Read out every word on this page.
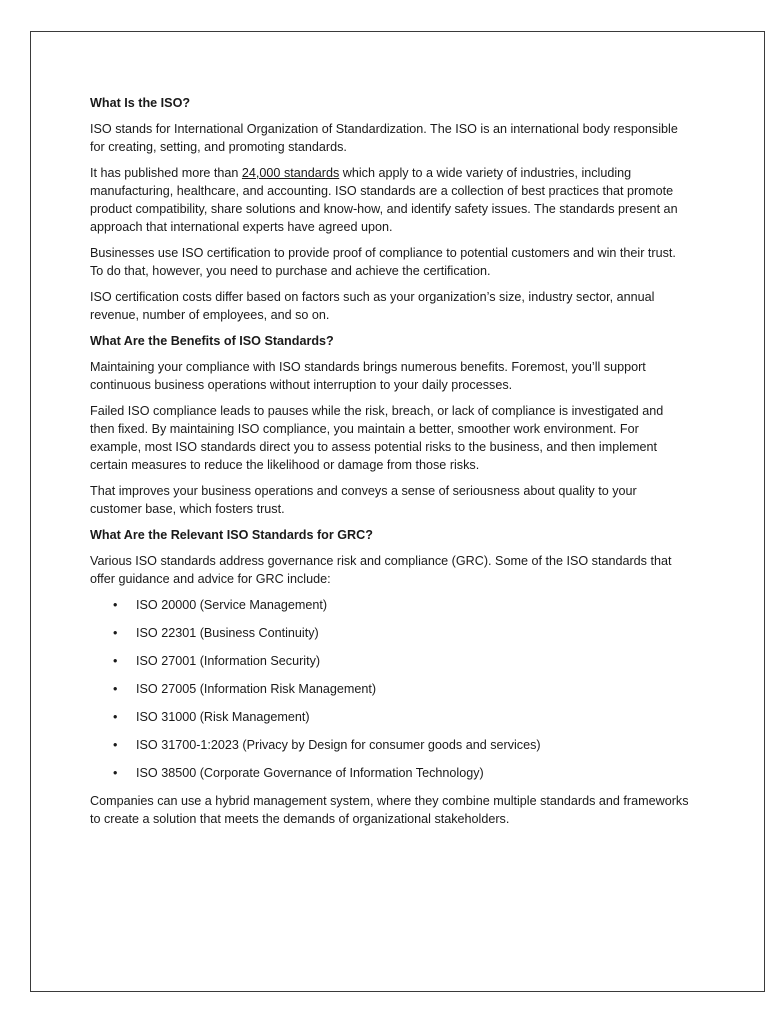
What Is the ISO?

ISO stands for International Organization of Standardization. The ISO is an international body responsible for creating, setting, and promoting standards.

It has published more than 24,000 standards which apply to a wide variety of industries, including manufacturing, healthcare, and accounting. ISO standards are a collection of best practices that promote product compatibility, share solutions and know-how, and identify safety issues. The standards present an approach that international experts have agreed upon.

Businesses use ISO certification to provide proof of compliance to potential customers and win their trust. To do that, however, you need to purchase and achieve the certification.

ISO certification costs differ based on factors such as your organization’s size, industry sector, annual revenue, number of employees, and so on.

What Are the Benefits of ISO Standards?

Maintaining your compliance with ISO standards brings numerous benefits. Foremost, you’ll support continuous business operations without interruption to your daily processes.

Failed ISO compliance leads to pauses while the risk, breach, or lack of compliance is investigated and then fixed. By maintaining ISO compliance, you maintain a better, smoother work environment. For example, most ISO standards direct you to assess potential risks to the business, and then implement certain measures to reduce the likelihood or damage from those risks.

That improves your business operations and conveys a sense of seriousness about quality to your customer base, which fosters trust.

What Are the Relevant ISO Standards for GRC?

Various ISO standards address governance risk and compliance (GRC). Some of the ISO standards that offer guidance and advice for GRC include:

• ISO 20000 (Service Management)
• ISO 22301 (Business Continuity)
• ISO 27001 (Information Security)
• ISO 27005 (Information Risk Management)
• ISO 31000 (Risk Management)
• ISO 31700-1:2023 (Privacy by Design for consumer goods and services)
• ISO 38500 (Corporate Governance of Information Technology)

Companies can use a hybrid management system, where they combine multiple standards and frameworks to create a solution that meets the demands of organizational stakeholders.
